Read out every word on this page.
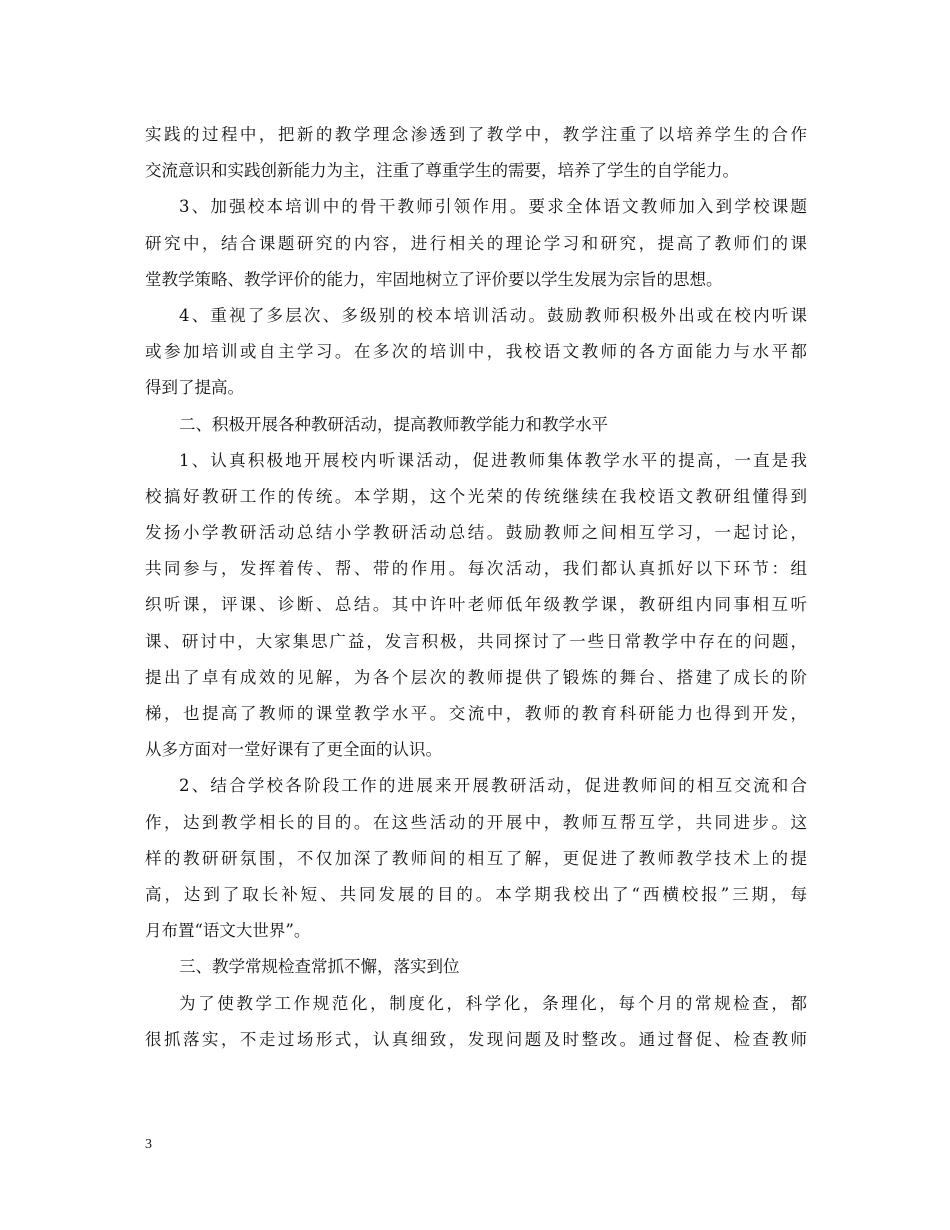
实践的过程中，把新的教学理念渗透到了教学中，教学注重了以培养学生的合作
交流意识和实践创新能力为主，注重了尊重学生的需要，培养了学生的自学能力。
3、加强校本培训中的骨干教师引领作用。要求全体语文教师加入到学校课题
研究中，结合课题研究的内容，进行相关的理论学习和研究，提高了教师们的课
堂教学策略、教学评价的能力，牢固地树立了评价要以学生发展为宗旨的思想。
4、重视了多层次、多级别的校本培训活动。鼓励教师积极外出或在校内听课
或参加培训或自主学习。在多次的培训中，我校语文教师的各方面能力与水平都
得到了提高。
二、积极开展各种教研活动，提高教师教学能力和教学水平
1、认真积极地开展校内听课活动，促进教师集体教学水平的提高，一直是我
校搞好教研工作的传统。本学期，这个光荣的传统继续在我校语文教研组懂得到
发扬小学教研活动总结小学教研活动总结。鼓励教师之间相互学习，一起讨论，
共同参与，发挥着传、帮、带的作用。每次活动，我们都认真抓好以下环节：组
织听课，评课、诊断、总结。其中许叶老师低年级教学课，教研组内同事相互听
课、研讨中，大家集思广益，发言积极，共同探讨了一些日常教学中存在的问题，
提出了卓有成效的见解，为各个层次的教师提供了锻炼的舞台、搭建了成长的阶
梯，也提高了教师的课堂教学水平。交流中，教师的教育科研能力也得到开发，
从多方面对一堂好课有了更全面的认识。
2、结合学校各阶段工作的进展来开展教研活动，促进教师间的相互交流和合
作，达到教学相长的目的。在这些活动的开展中，教师互帮互学，共同进步。这
样的教研研氛围，不仅加深了教师间的相互了解，更促进了教师教学技术上的提
高，达到了取长补短、共同发展的目的。本学期我校出了“西横校报”三期，每
月布置“语文大世界”。
三、教学常规检查常抓不懈，落实到位
为了使教学工作规范化，制度化，科学化，条理化，每个月的常规检查，都
很抓落实，不走过场形式，认真细致，发现问题及时整改。通过督促、检查教师
3
